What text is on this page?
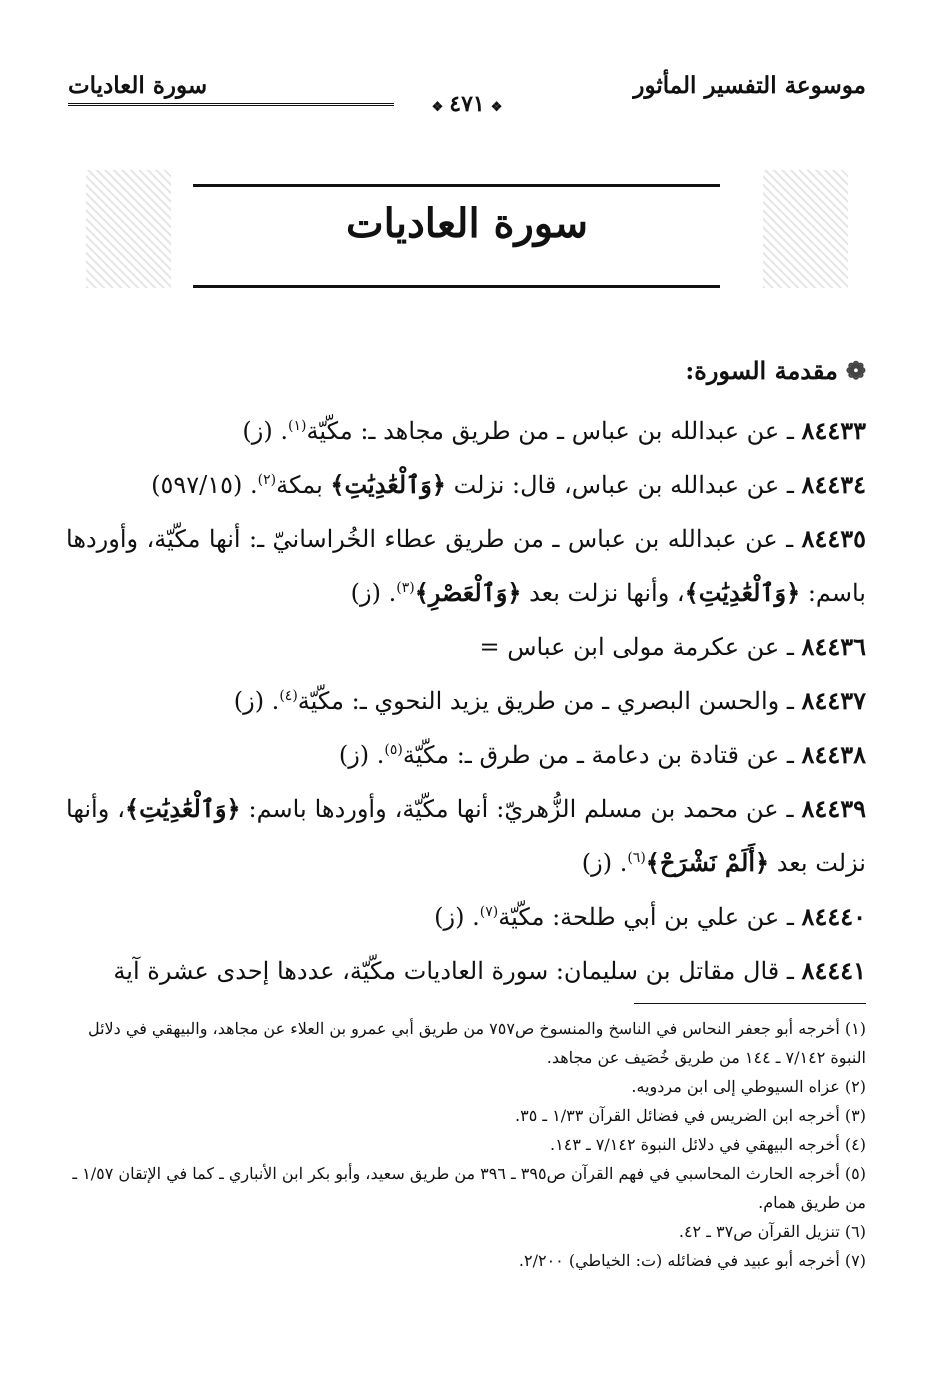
موسوعة التفسير المأثور
سورة العاديات
❖ ٤٧١ ❖
سورة العاديات
❁مقدمة السورة:

٨٤٤٣٣ ـ عن عبدالله بن عباس ـ من طريق مجاهد ـ: مكّيّة$^{(١)}$. (ز)

٨٤٤٣٤ ـ عن عبدالله بن عباس، قال: نزلت ﴿وَٱلْعَٰدِيَٰتِ﴾ بمكة$^{(٢)}$. (٥٩٧/١٥)

٨٤٤٣٥ ـ عن عبدالله بن عباس ـ من طريق عطاء الخُراسانيّ ـ: أنها مكّيّة، وأوردها باسم: ﴿وَٱلْعَٰدِيَٰتِ﴾، وأنها نزلت بعد ﴿وَٱلْعَصْرِ﴾$^{(٣)}$. (ز)

٨٤٤٣٦ ـ عن عكرمة مولى ابن عباس =

٨٤٤٣٧ ـ والحسن البصري ـ من طريق يزيد النحوي ـ: مكّيّة$^{(٤)}$. (ز)

٨٤٤٣٨ ـ عن قتادة بن دعامة ـ من طرق ـ: مكّيّة$^{(٥)}$. (ز)

٨٤٤٣٩ ـ عن محمد بن مسلم الزُّهريّ: أنها مكّيّة، وأوردها باسم: ﴿وَٱلْعَٰدِيَٰتِ﴾، وأنها نزلت بعد ﴿أَلَمْ نَشْرَحْ﴾$^{(٦)}$. (ز)

٨٤٤٤٠ ـ عن علي بن أبي طلحة: مكّيّة$^{(٧)}$. (ز)

٨٤٤٤١ ـ قال مقاتل بن سليمان: سورة العاديات مكّيّة، عددها إحدى عشرة آية

(١) أخرجه أبو جعفر النحاس في الناسخ والمنسوخ ص٧٥٧ من طريق أبي عمرو بن العلاء عن مجاهد، والبيهقي في دلائل النبوة ٧/١٤٢ ـ ١٤٤ من طريق خُصَيف عن مجاهد.

(٢) عزاه السيوطي إلى ابن مردويه.

(٣) أخرجه ابن الضريس في فضائل القرآن ١/٣٣ ـ ٣٥.

(٤) أخرجه البيهقي في دلائل النبوة ٧/١٤٢ ـ ١٤٣.

(٥) أخرجه الحارث المحاسبي في فهم القرآن ص٣٩٥ ـ ٣٩٦ من طريق سعيد، وأبو بكر ابن الأنباري ـ كما في الإتقان ١/٥٧ ـ من طريق همام.

(٦) تنزيل القرآن ص٣٧ ـ ٤٢.

(٧) أخرجه أبو عبيد في فضائله (ت: الخياطي) ٢/٢٠٠.
